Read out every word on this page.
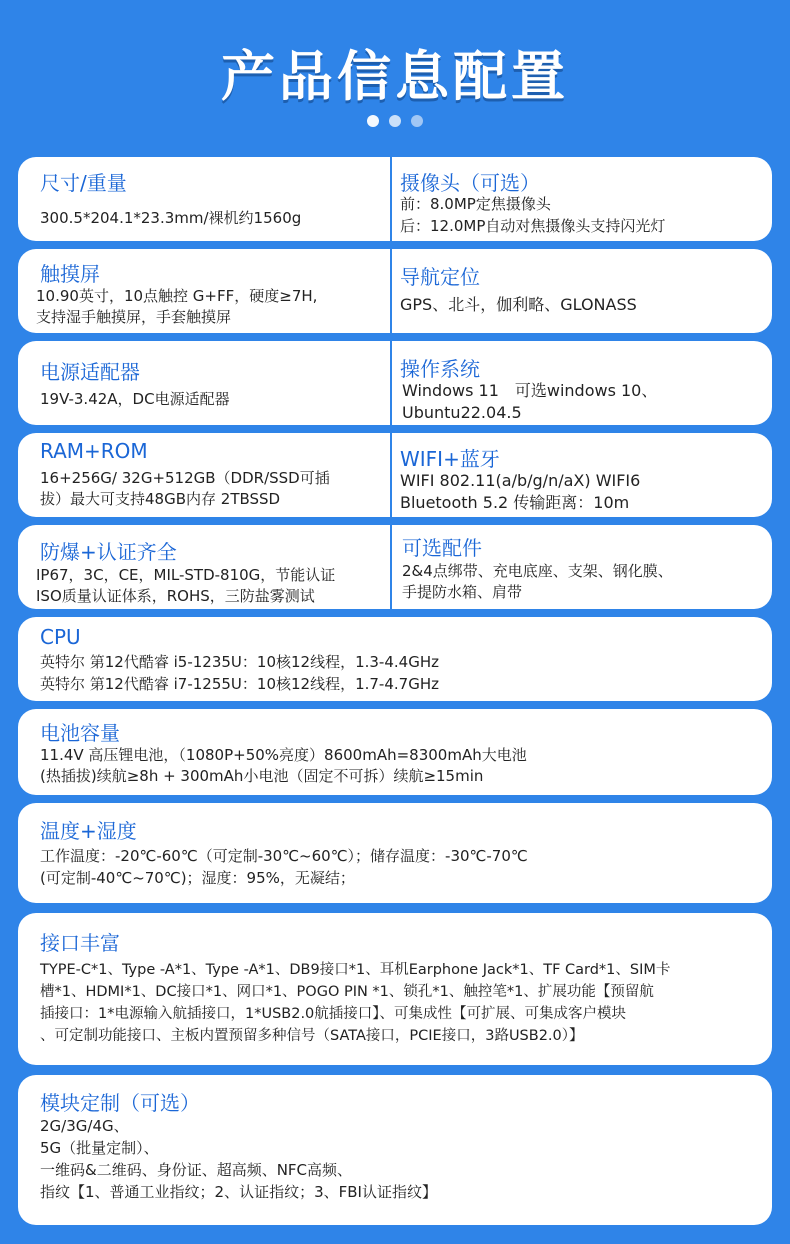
产品信息配置
尺寸/重量
300.5*204.1*23.3mm/裸机约1560g
摄像头（可选）
前：8.0MP定焦摄像头
后：12.0MP自动对焦摄像头支持闪光灯
触摸屏
10.90英寸，10点触控 G+FF，硬度≥7H,
支持湿手触摸屏，手套触摸屏
导航定位
GPS、北斗，伽利略、GLONASS
电源适配器
19V-3.42A，DC电源适配器
操作系统
Windows 11　可选windows 10、
Ubuntu22.04.5
RAM+ROM
16+256G/ 32G+512GB（DDR/SSD可插
拔）最大可支持48GB内存 2TBSSD
WIFI+蓝牙
WIFI 802.11(a/b/g/n/aX) WIFI6
Bluetooth 5.2 传输距离：10m
防爆+认证齐全
IP67，3C，CE，MIL-STD-810G，节能认证
ISO质量认证体系，ROHS，三防盐雾测试
可选配件
2&4点绑带、充电底座、支架、钢化膜、
手提防水箱、肩带
CPU
英特尔 第12代酷睿 i5-1235U：10核12线程，1.3-4.4GHz
英特尔 第12代酷睿 i7-1255U：10核12线程，1.7-4.7GHz
电池容量
11.4V 高压锂电池，（1080P+50%亮度）8600mAh=8300mAh大电池
(热插拔)续航≥8h + 300mAh小电池（固定不可拆）续航≥15min
温度+湿度
工作温度：-20℃-60℃（可定制-30℃~60℃）；储存温度：-30℃-70℃
(可定制-40℃~70℃)；湿度：95%，无凝结；
接口丰富
TYPE-C*1、Type -A*1、Type -A*1、DB9接口*1、耳机Earphone Jack*1、TF Card*1、SIM卡
槽*1、HDMI*1、DC接口*1、网口*1、POGO PIN *1、锁孔*1、触控笔*1、扩展功能【预留航
插接口：1*电源输入航插接口，1*USB2.0航插接口】、可集成性【可扩展、可集成客户模块
、可定制功能接口、主板内置预留多种信号（SATA接口，PCIE接口，3路USB2.0）】
模块定制（可选）
2G/3G/4G、
5G（批量定制）、
一维码&二维码、身份证、超高频、NFC高频、
指纹【1、普通工业指纹；2、认证指纹；3、FBI认证指纹】
